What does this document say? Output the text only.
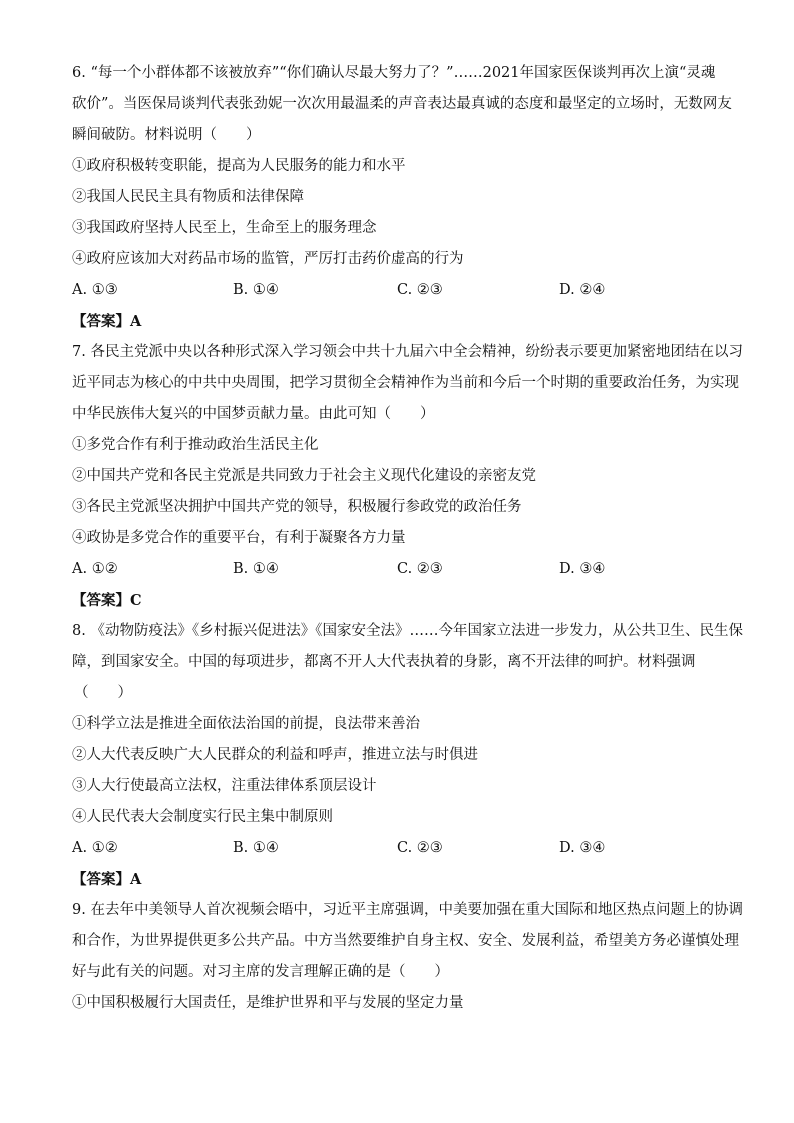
6. “每一个小群体都不该被放弃”“你们确认尽最大努力了？”……2021年国家医保谈判再次上演“灵魂
砍价”。当医保局谈判代表张劲妮一次次用最温柔的声音表达最真诚的态度和最坚定的立场时，无数网友
瞬间破防。材料说明（　　）
①政府积极转变职能，提高为人民服务的能力和水平
②我国人民民主具有物质和法律保障
③我国政府坚持人民至上，生命至上的服务理念
④政府应该加大对药品市场的监管，严厉打击药价虚高的行为
A. ①③	B. ①④	C. ②③	D. ②④
【答案】A
7. 各民主党派中央以各种形式深入学习领会中共十九届六中全会精神，纷纷表示要更加紧密地团结在以习
近平同志为核心的中共中央周围，把学习贯彻全会精神作为当前和今后一个时期的重要政治任务，为实现
中华民族伟大复兴的中国梦贡献力量。由此可知（　　）
①多党合作有利于推动政治生活民主化
②中国共产党和各民主党派是共同致力于社会主义现代化建设的亲密友党
③各民主党派坚决拥护中国共产党的领导，积极履行参政党的政治任务
④政协是多党合作的重要平台，有利于凝聚各方力量
A. ①②	B. ①④	C. ②③	D. ③④
【答案】C
8. 《动物防疫法》《乡村振兴促进法》《国家安全法》……今年国家立法进一步发力，从公共卫生、民生保
障，到国家安全。中国的每项进步，都离不开人大代表执着的身影，离不开法律的呵护。材料强调
（　　）
①科学立法是推进全面依法治国的前提，良法带来善治
②人大代表反映广大人民群众的利益和呼声，推进立法与时俱进
③人大行使最高立法权，注重法律体系顶层设计
④人民代表大会制度实行民主集中制原则
A. ①②	B. ①④	C. ②③	D. ③④
【答案】A
9. 在去年中美领导人首次视频会晤中，习近平主席强调，中美要加强在重大国际和地区热点问题上的协调
和合作，为世界提供更多公共产品。中方当然要维护自身主权、安全、发展利益，希望美方务必谨慎处理
好与此有关的问题。对习主席的发言理解正确的是（　　）
①中国积极履行大国责任，是维护世界和平与发展的坚定力量
